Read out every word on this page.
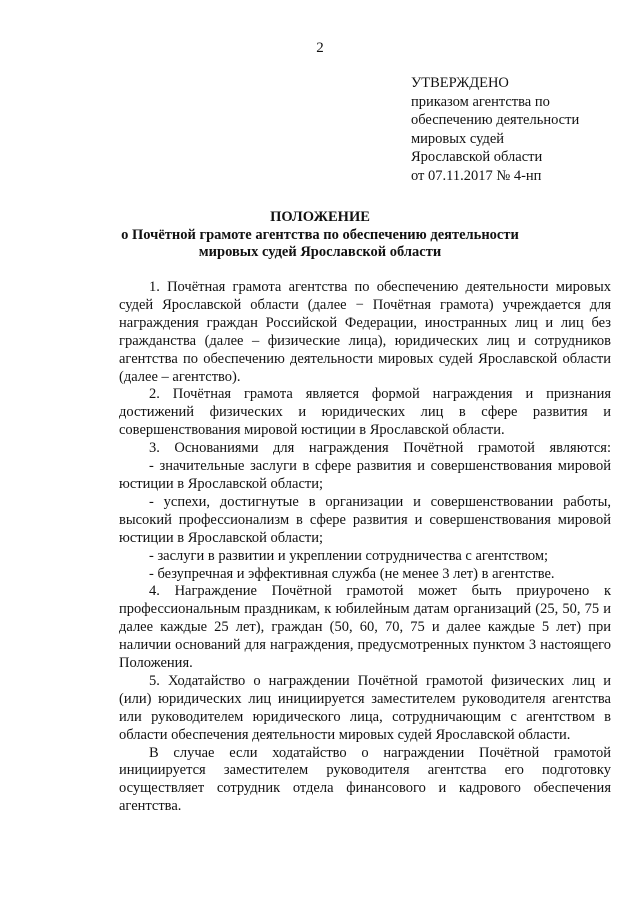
2
УТВЕРЖДЕНО
приказом агентства по
обеспечению деятельности
мировых судей
Ярославской области
от 07.11.2017 № 4-нп
ПОЛОЖЕНИЕ
о Почётной грамоте агентства по обеспечению деятельности
мировых судей Ярославской области

1. Почётная грамота агентства по обеспечению деятельности мировых судей Ярославской области (далее − Почётная грамота) учреждается для награждения граждан Российской Федерации, иностранных лиц и лиц без гражданства (далее – физические лица), юридических лиц и сотрудников агентства по обеспечению деятельности мировых судей Ярославской области (далее – агентство).

2. Почётная грамота является формой награждения и признания достижений физических и юридических лиц в сфере развития и совершенствования мировой юстиции в Ярославской области.

3. Основаниями для награждения Почётной грамотой являются:

- значительные заслуги в сфере развития и совершенствования мировой юстиции в Ярославской области;

- успехи, достигнутые в организации и совершенствовании работы, высокий профессионализм в сфере развития и совершенствования мировой юстиции в Ярославской области;

- заслуги в развитии и укреплении сотрудничества с агентством;

- безупречная и эффективная служба (не менее 3 лет) в агентстве.

4. Награждение Почётной грамотой может быть приурочено к профессиональным праздникам, к юбилейным датам организаций (25, 50, 75 и далее каждые 25 лет), граждан (50, 60, 70, 75 и далее каждые 5 лет) при наличии оснований для награждения, предусмотренных пунктом 3 настоящего Положения.

5. Ходатайство о награждении Почётной грамотой физических лиц и (или) юридических лиц инициируется заместителем руководителя агентства или руководителем юридического лица, сотрудничающим с агентством в области обеспечения деятельности мировых судей Ярославской области.

В случае если ходатайство о награждении Почётной грамотой инициируется заместителем руководителя агентства его подготовку осуществляет сотрудник отдела финансового и кадрового обеспечения агентства.
